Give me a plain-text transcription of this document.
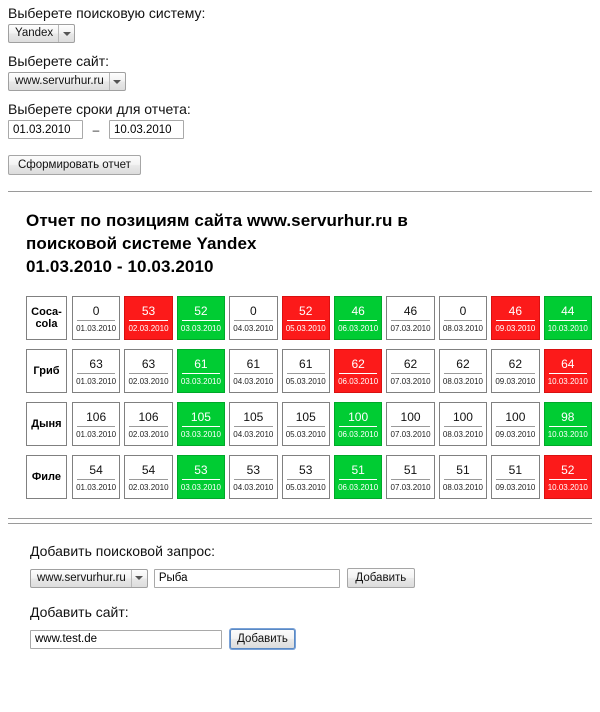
Выберете поисковую систему:
Yandex
Выберете сайт:
www.servurhur.ru
Выберете сроки для отчета:
01.03.2010
–
10.03.2010
Сформировать отчет
Отчет по позициям сайта www.servurhur.ru в
поисковой системе Yandex
01.03.2010 - 10.03.2010
Coca-cola
0
01.03.2010
53
02.03.2010
52
03.03.2010
0
04.03.2010
52
05.03.2010
46
06.03.2010
46
07.03.2010
0
08.03.2010
46
09.03.2010
44
10.03.2010
Гриб
63
01.03.2010
63
02.03.2010
61
03.03.2010
61
04.03.2010
61
05.03.2010
62
06.03.2010
62
07.03.2010
62
08.03.2010
62
09.03.2010
64
10.03.2010
Дыня
106
01.03.2010
106
02.03.2010
105
03.03.2010
105
04.03.2010
105
05.03.2010
100
06.03.2010
100
07.03.2010
100
08.03.2010
100
09.03.2010
98
10.03.2010
Филе
54
01.03.2010
54
02.03.2010
53
03.03.2010
53
04.03.2010
53
05.03.2010
51
06.03.2010
51
07.03.2010
51
08.03.2010
51
09.03.2010
52
10.03.2010
Добавить поисковой запрос:
www.servurhur.ru
Рыба	Добавить
Добавить сайт:
www.test.de
Добавить
